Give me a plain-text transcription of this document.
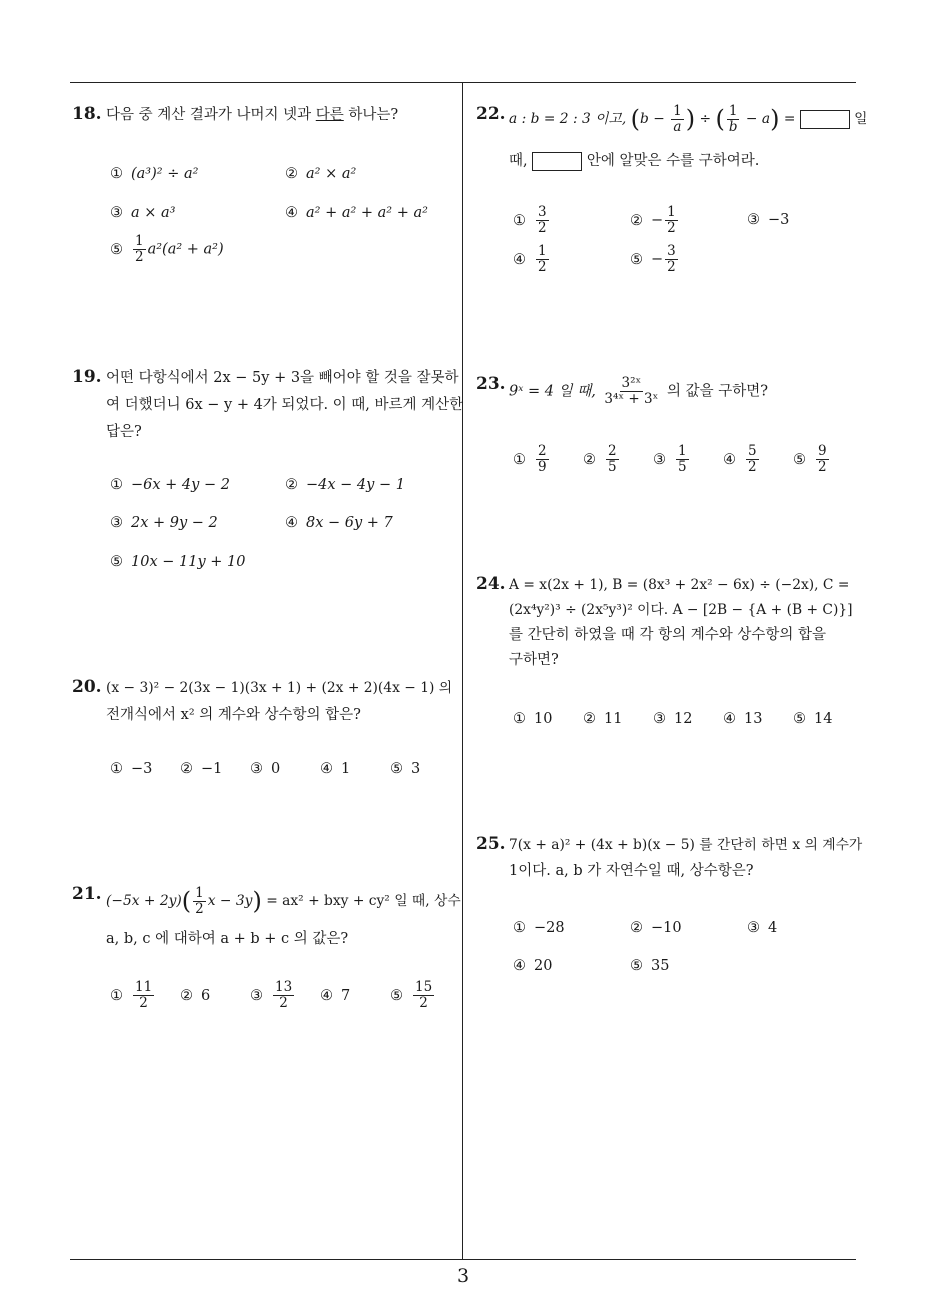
18. 다음 중 계산 결과가 나머지 넷과 다른 하나는?
① (a³)² ÷ a²	② a² × a²
③ a × a³	④ a² + a² + a² + a²
⑤ $\frac{1}{2} a^2(a^2 + a^2)$
19. 어떤 다항식에서 2x − 5y + 3을 빼어야 할 것을 잘못하
여 더했더니 6x − y + 4가 되었다. 이 때, 바르게 계산한
답은?
① −6x + 4y − 2	② −4x − 4y − 1
③ 2x + 9y − 2	④ 8x − 6y + 7
⑤ 10x − 11y + 10
20. (x − 3)² − 2(3x − 1)(3x + 1) + (2x + 2)(4x − 1) 의
전개식에서 x² 의 계수와 상수항의 합은?
① −3 ② −1 ③ 0	④ 1	⑤ 3
21. $(-5x + 2y)( \frac{1}{2}$ x − 3y) = ax² + bxy + cy² 일 때, 상수
a, b, c 에 대하여 a + b + c 의 값은?
① $\frac{11}{2}$ ② 6	③ $\frac{13}{2}$ ④ 7	⑤ $\frac{15}{2}$
22. a : b = 2 : 3 이고, ($b - \frac{1}{a}$ ) ÷ ( $\frac{1}{b} - a$) =	일
때,	안에 알맞은 수를 구하여라.
① $\frac{3}{2}$	② − $\frac{1}{2}$	③ −3
④ $\frac{1}{2}$	⑤ − $\frac{3}{2}$
23. 9ˣ = 4 일 때, $\frac{\text{3²ˣ}}{\text{3⁴ˣ + 3ˣ}}$ 의 값을 구하면?
① $\frac{2}{9}$ ② $\frac{2}{5}$ ③ $\frac{1}{5}$ ④ $\frac{5}{2}$ ⑤ $\frac{9}{2}$
24. A = x(2x + 1), B = (8x³ + 2x² − 6x) ÷ (−2x), C =
(2x⁴y²)³ ÷ (2x⁵y³)² 이다. A − [2B − {A + (B + C)}]
를 간단히 하였을 때 각 항의 계수와 상수항의 합을
구하면?
① 10 ② 11 ③ 12 ④ 13 ⑤ 14
25. 7(x + a)² + (4x + b)(x − 5) 를 간단히 하면 x 의 계수가
1이다. a, b 가 자연수일 때, 상수항은?
① −28	② −10	③ 4
④ 20	⑤ 35
3
